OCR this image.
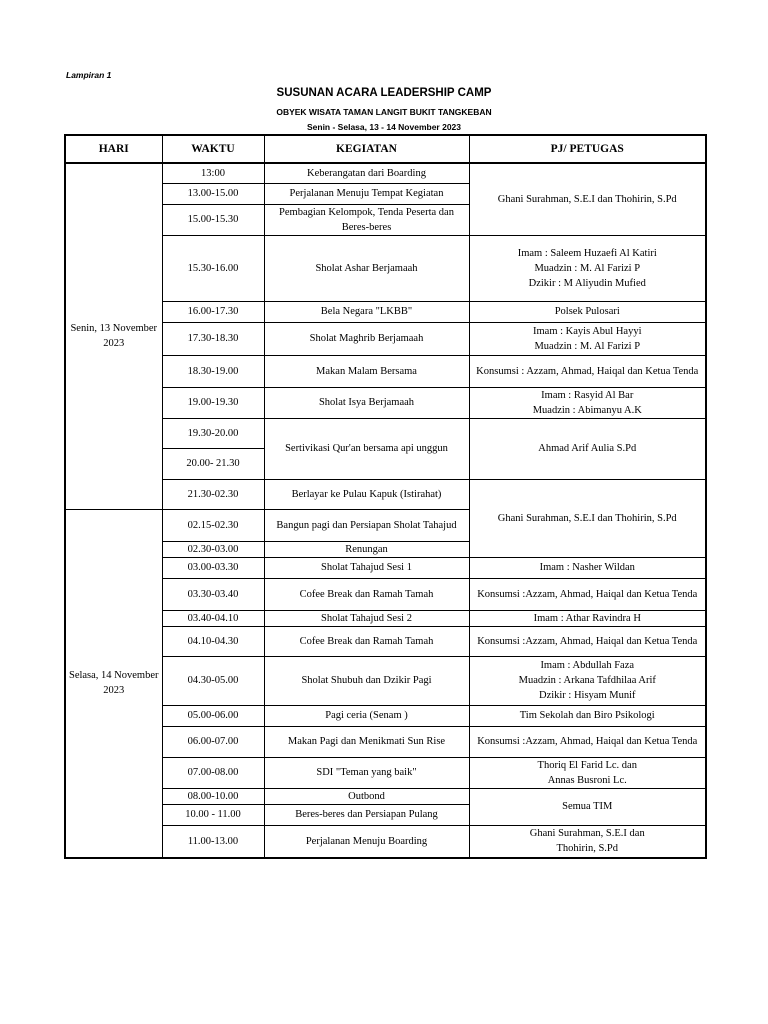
Lampiran 1
SUSUNAN ACARA LEADERSHIP CAMP
OBYEK WISATA TAMAN LANGIT BUKIT TANGKEBAN
Senin - Selasa, 13 - 14 November 2023
HARI	WAKTU	KEGIATAN	PJ/ PETUGAS
Senin, 13 November 2023	13:00	Keberangatan dari Boarding	Ghani Surahman, S.E.I dan Thohirin, S.Pd
	13.00-15.00	Perjalanan Menuju Tempat Kegiatan	
	15.00-15.30	Pembagian Kelompok, Tenda Peserta dan Beres-beres	
	15.30-16.00	Sholat Ashar Berjamaah	Imam : Saleem Huzaefi Al Katiri
Muadzin : M. Al Farizi P
Dzikir : M Aliyudin Mufied

	16.00-17.30	Bela Negara "LKBB"	Polsek Pulosari
	17.30-18.30	Sholat Maghrib Berjamaah	Imam : Kayis Abul Hayyi
Muadzin : M. Al Farizi P

	18.30-19.00	Makan Malam Bersama	Konsumsi : Azzam, Ahmad, Haiqal dan Ketua Tenda
	19.00-19.30	Sholat Isya Berjamaah	Imam : Rasyid Al Bar
Muadzin : Abimanyu A.K

	19.30-20.00	Sertivikasi Qur'an bersama api unggun	Ahmad Arif Aulia S.Pd
	20.00- 21.30		
	21.30-02.30	Berlayar ke Pulau Kapuk (Istirahat)	Ghani Surahman, S.E.I dan Thohirin, S.Pd
Selasa, 14 November 2023	02.15-02.30	Bangun pagi dan Persiapan Sholat Tahajud	
	02.30-03.00	Renungan	
	03.00-03.30	Sholat Tahajud Sesi 1	Imam : Nasher Wildan
	03.30-03.40	Cofee Break dan Ramah Tamah	Konsumsi :Azzam, Ahmad, Haiqal dan Ketua Tenda
	03.40-04.10	Sholat Tahajud Sesi 2	Imam : Athar Ravindra H
	04.10-04.30	Cofee Break dan Ramah Tamah	Konsumsi :Azzam, Ahmad, Haiqal dan Ketua Tenda
	04.30-05.00	Sholat Shubuh dan Dzikir Pagi	Imam : Abdullah Faza
Muadzin : Arkana Tafdhilaa Arif
Dzikir : Hisyam Munif

	05.00-06.00	Pagi ceria (Senam )	Tim Sekolah dan Biro Psikologi
	06.00-07.00	Makan Pagi dan Menikmati Sun Rise	Konsumsi :Azzam, Ahmad, Haiqal dan Ketua Tenda
	07.00-08.00	SDI "Teman yang baik"	Thoriq El Farid Lc. dan
Annas Busroni Lc.

	08.00-10.00	Outbond	Semua TIM
	10.00 - 11.00	Beres-beres dan Persiapan Pulang	
	11.00-13.00	Perjalanan Menuju Boarding	Ghani Surahman, S.E.I dan
Thohirin, S.Pd
